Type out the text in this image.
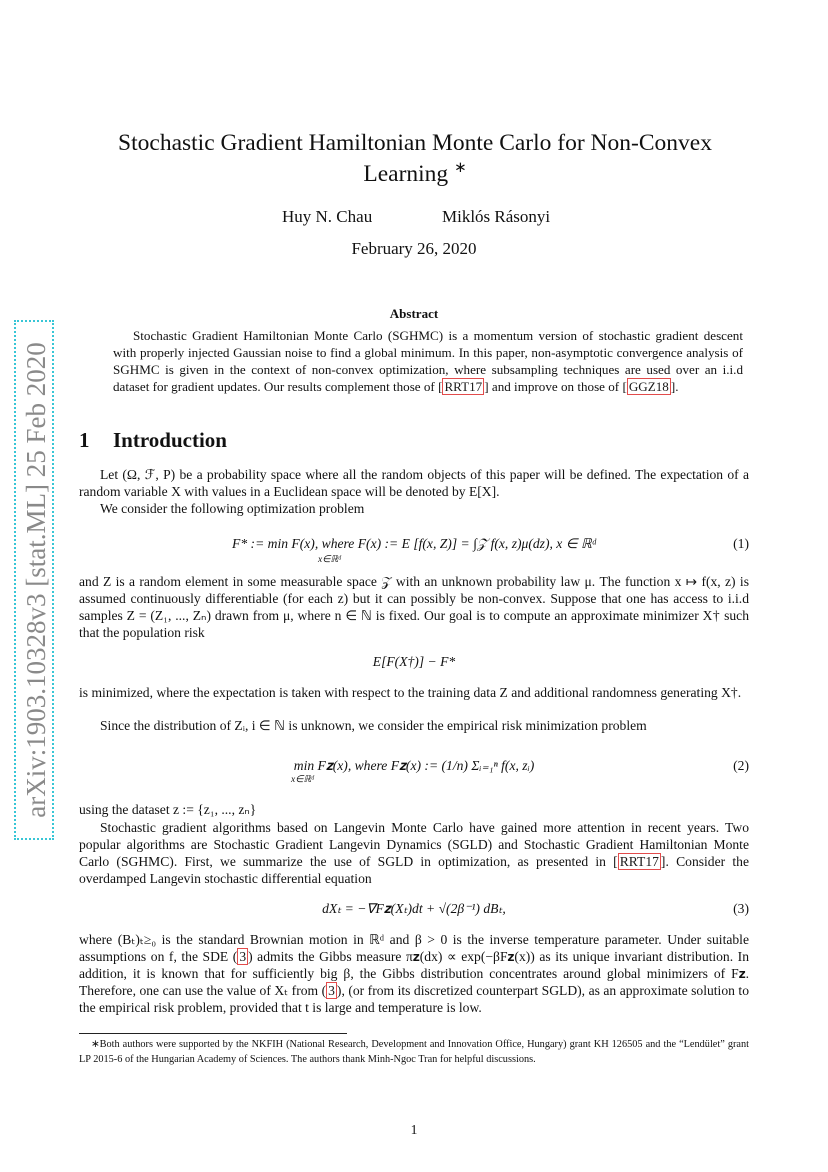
arXiv:1903.10328v3 [stat.ML] 25 Feb 2020
Stochastic Gradient Hamiltonian Monte Carlo for Non-Convex
Learning ∗
Huy N. Chau	Miklós Rásonyi
February 26, 2020
Abstract
Stochastic Gradient Hamiltonian Monte Carlo (SGHMC) is a momentum version of stochastic gradient descent with properly injected Gaussian noise to find a global minimum. In this paper, non-asymptotic convergence analysis of SGHMC is given in the context of non-convex optimization, where subsampling techniques are used over an i.i.d dataset for gradient updates. Our results complement those of [ RRT17 ] and improve on those of [ GGZ18 ].
1 Introduction
Let (Ω, ℱ, P) be a probability space where all the random objects of this paper will be defined. The expectation of a random variable X with values in a Euclidean space will be denoted by E[X].
We consider the following optimization problem
F* := min F(x), where F(x) := E [f(x, Z)] = ∫𝒵 f(x, z)μ(dz), x ∈ ℝᵈ
x∈ℝᵈ
(1)
and Z is a random element in some measurable space 𝒵 with an unknown probability law μ. The function x ↦ f(x, z) is assumed continuously differentiable (for each z) but it can possibly be non-convex. Suppose that one has access to i.i.d samples Z = (Z₁, ..., Zₙ) drawn from μ, where n ∈ ℕ is fixed. Our goal is to compute an approximate minimizer X† such that the population risk
E[F(X†)] − F*
is minimized, where the expectation is taken with respect to the training data Z and additional randomness generating X†.
Since the distribution of Zᵢ, i ∈ ℕ is unknown, we consider the empirical risk minimization problem
min F𝐳(x), where F𝐳(x) := (1/n) Σᵢ₌₁ⁿ f(x, zᵢ)
x∈ℝᵈ
(2)
using the dataset z := {z₁, ..., zₙ}
Stochastic gradient algorithms based on Langevin Monte Carlo have gained more attention in recent years. Two popular algorithms are Stochastic Gradient Langevin Dynamics (SGLD) and Stochastic Gradient Hamiltonian Monte Carlo (SGHMC). First, we summarize the use of SGLD in optimization, as presented in [ RRT17 ]. Consider the overdamped Langevin stochastic differential equation
dXₜ = −∇F𝐳(Xₜ)dt + √(2β⁻¹) dBₜ,	(3)
where (Bₜ)ₜ≥₀ is the standard Brownian motion in ℝᵈ and β > 0 is the inverse temperature parameter. Under suitable assumptions on f, the SDE ( 3 ) admits the Gibbs measure π𝐳(dx) ∝ exp(−βF𝐳(x)) as its unique invariant distribution. In addition, it is known that for sufficiently big β, the Gibbs distribution concentrates around global minimizers of F𝐳. Therefore, one can use the value of Xₜ from ( 3 ), (or from its discretized counterpart SGLD), as an approximate solution to the empirical risk problem, provided that t is large and temperature is low.
∗Both authors were supported by the NKFIH (National Research, Development and Innovation Office, Hungary) grant KH 126505 and the “Lendület” grant LP 2015-6 of the Hungarian Academy of Sciences. The authors thank Minh-Ngoc Tran for helpful discussions.
1
